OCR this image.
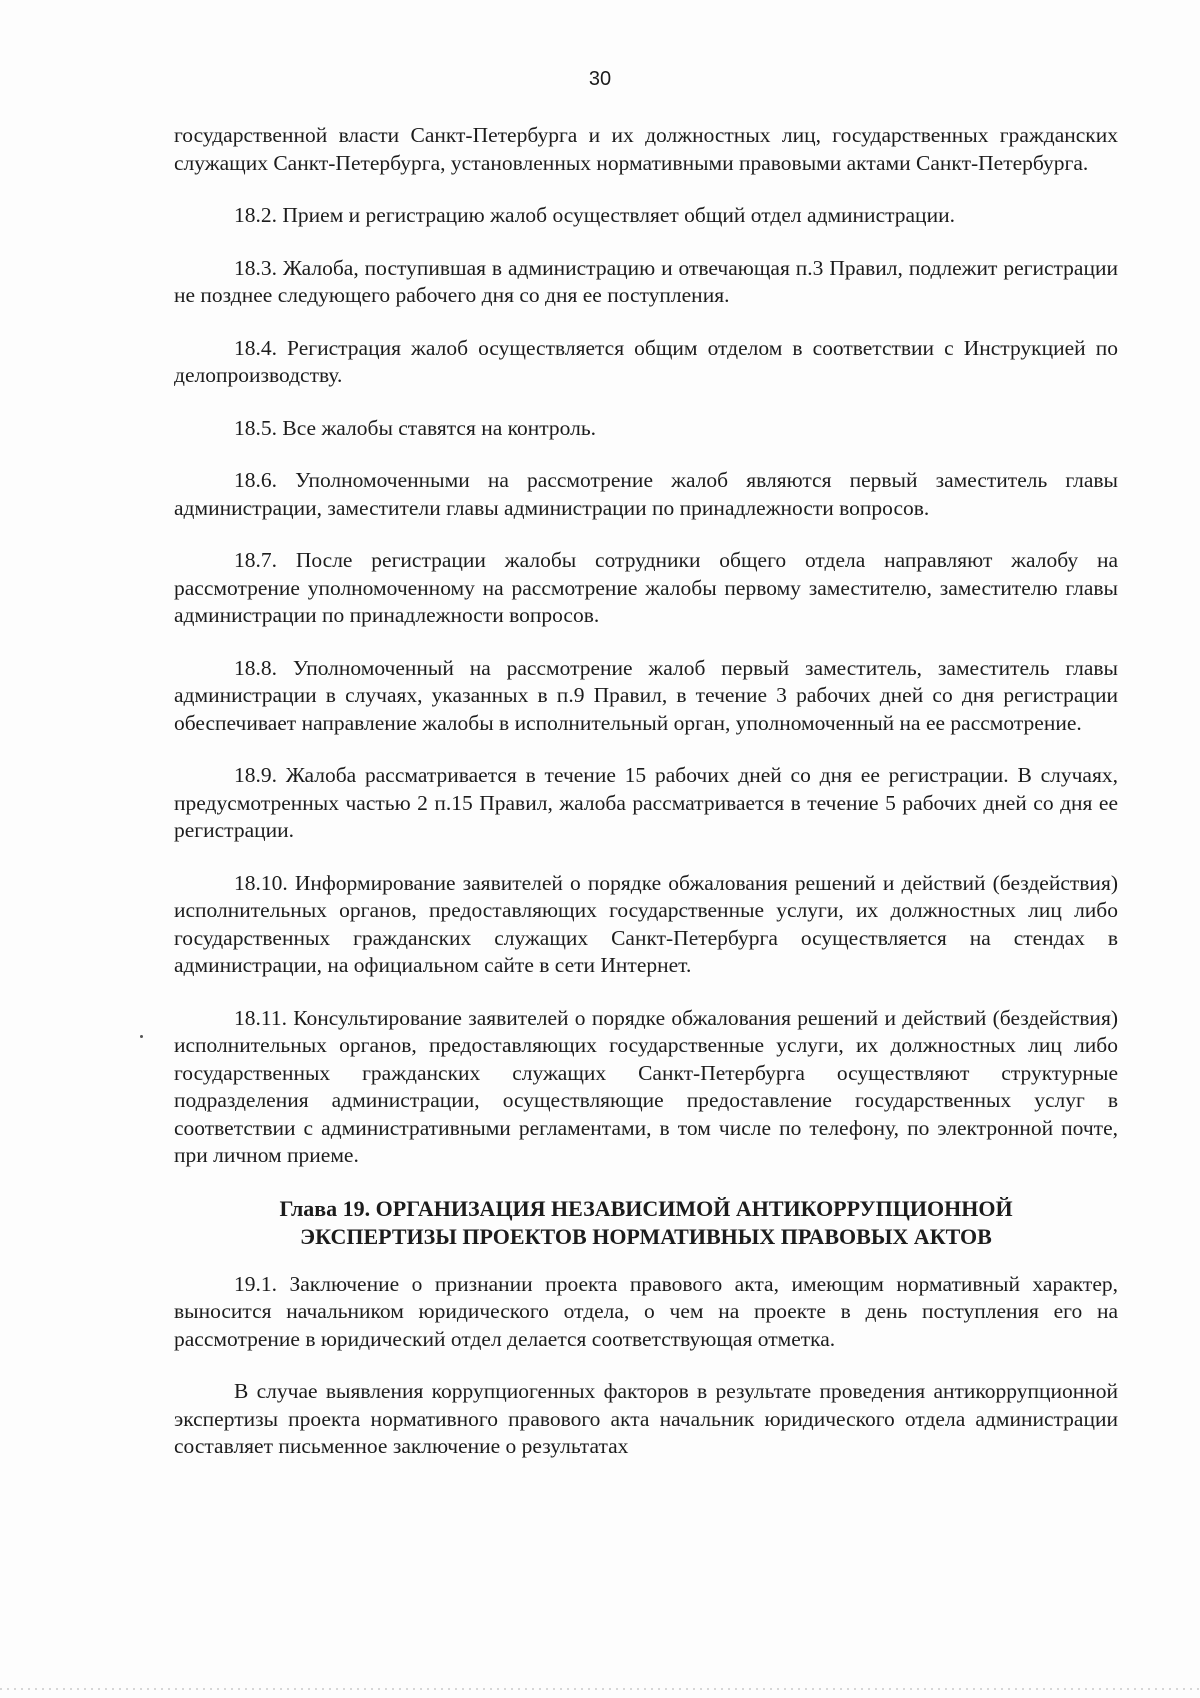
30

государственной власти Санкт-Петербурга и их должностных лиц, государственных гражданских служащих Санкт-Петербурга, установленных нормативными правовыми актами Санкт-Петербурга.

18.2. Прием и регистрацию жалоб осуществляет общий отдел администрации.

18.3. Жалоба, поступившая в администрацию и отвечающая п.3 Правил, подлежит регистрации не позднее следующего рабочего дня со дня ее поступления.

18.4. Регистрация жалоб осуществляется общим отделом в соответствии с Инструкцией по делопроизводству.

18.5. Все жалобы ставятся на контроль.

18.6. Уполномоченными на рассмотрение жалоб являются первый заместитель главы администрации, заместители главы администрации по принадлежности вопросов.

18.7. После регистрации жалобы сотрудники общего отдела направляют жалобу на рассмотрение уполномоченному на рассмотрение жалобы первому заместителю, заместителю главы администрации по принадлежности вопросов.

18.8. Уполномоченный на рассмотрение жалоб первый заместитель, заместитель главы администрации в случаях, указанных в п.9 Правил, в течение 3 рабочих дней со дня регистрации обеспечивает направление жалобы в исполнительный орган, уполномоченный на ее рассмотрение.

18.9. Жалоба рассматривается в течение 15 рабочих дней со дня ее регистрации. В случаях, предусмотренных частью 2 п.15 Правил, жалоба рассматривается в течение 5 рабочих дней со дня ее регистрации.

18.10. Информирование заявителей о порядке обжалования решений и действий (бездействия) исполнительных органов, предоставляющих государственные услуги, их должностных лиц либо государственных гражданских служащих Санкт-Петербурга осуществляется на стендах в администрации, на официальном сайте в сети Интернет.

18.11. Консультирование заявителей о порядке обжалования решений и действий (бездействия) исполнительных органов, предоставляющих государственные услуги, их должностных лиц либо государственных гражданских служащих Санкт-Петербурга осуществляют структурные подразделения администрации, осуществляющие предоставление государственных услуг в соответствии с административными регламентами, в том числе по телефону, по электронной почте, при личном приеме.

Глава 19. ОРГАНИЗАЦИЯ НЕЗАВИСИМОЙ АНТИКОРРУПЦИОННОЙ
ЭКСПЕРТИЗЫ ПРОЕКТОВ НОРМАТИВНЫХ ПРАВОВЫХ АКТОВ

19.1. Заключение о признании проекта правового акта, имеющим нормативный характер, выносится начальником юридического отдела, о чем на проекте в день поступления его на рассмотрение в юридический отдел делается соответствующая отметка.

В случае выявления коррупциогенных факторов в результате проведения антикоррупционной экспертизы проекта нормативного правового акта начальник юридического отдела администрации составляет письменное заключение о результатах
